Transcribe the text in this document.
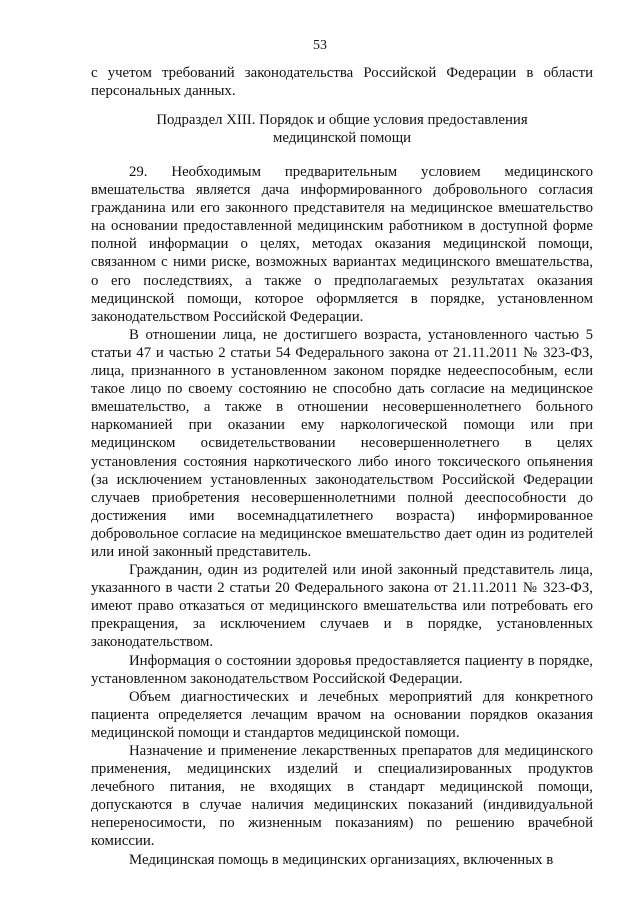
53
с учетом требований законодательства Российской Федерации в области
персональных данных.
Подраздел XIII. Порядок и общие условия предоставления
медицинской помощи

29. Необходимым предварительным условием медицинского вмешательства является дача информированного добровольного согласия гражданина или его законного представителя на медицинское вмешательство на основании предоставленной медицинским работником в доступной форме полной информации о целях, методах оказания медицинской помощи, связанном с ними риске, возможных вариантах медицинского вмешательства, о его последствиях, а также о предполагаемых результатах оказания медицинской помощи, которое оформляется в порядке, установленном законодательством Российской Федерации.

В отношении лица, не достигшего возраста, установленного частью 5 статьи 47 и частью 2 статьи 54 Федерального закона от 21.11.2011 № 323-ФЗ, лица, признанного в установленном законом порядке недееспособным, если такое лицо по своему состоянию не способно дать согласие на медицинское вмешательство, а также в отношении несовершеннолетнего больного наркоманией при оказании ему наркологической помощи или при медицинском освидетельствовании несовершеннолетнего в целях установления состояния наркотического либо иного токсического опьянения (за исключением установленных законодательством Российской Федерации случаев приобретения несовершеннолетними полной дееспособности до достижения ими восемнадцатилетнего возраста) информированное добровольное согласие на медицинское вмешательство дает один из родителей или иной законный представитель.

Гражданин, один из родителей или иной законный представитель лица, указанного в части 2 статьи 20 Федерального закона от 21.11.2011 № 323-ФЗ, имеют право отказаться от медицинского вмешательства или потребовать его прекращения, за исключением случаев и в порядке, установленных законодательством.

Информация о состоянии здоровья предоставляется пациенту в порядке, установленном законодательством Российской Федерации.

Объем диагностических и лечебных мероприятий для конкретного пациента определяется лечащим врачом на основании порядков оказания медицинской помощи и стандартов медицинской помощи.

Назначение и применение лекарственных препаратов для медицинского применения, медицинских изделий и специализированных продуктов лечебного питания, не входящих в стандарт медицинской помощи, допускаются в случае наличия медицинских показаний (индивидуальной непереносимости, по жизненным показаниям) по решению врачебной комиссии.

Медицинская помощь в медицинских организациях, включенных в
